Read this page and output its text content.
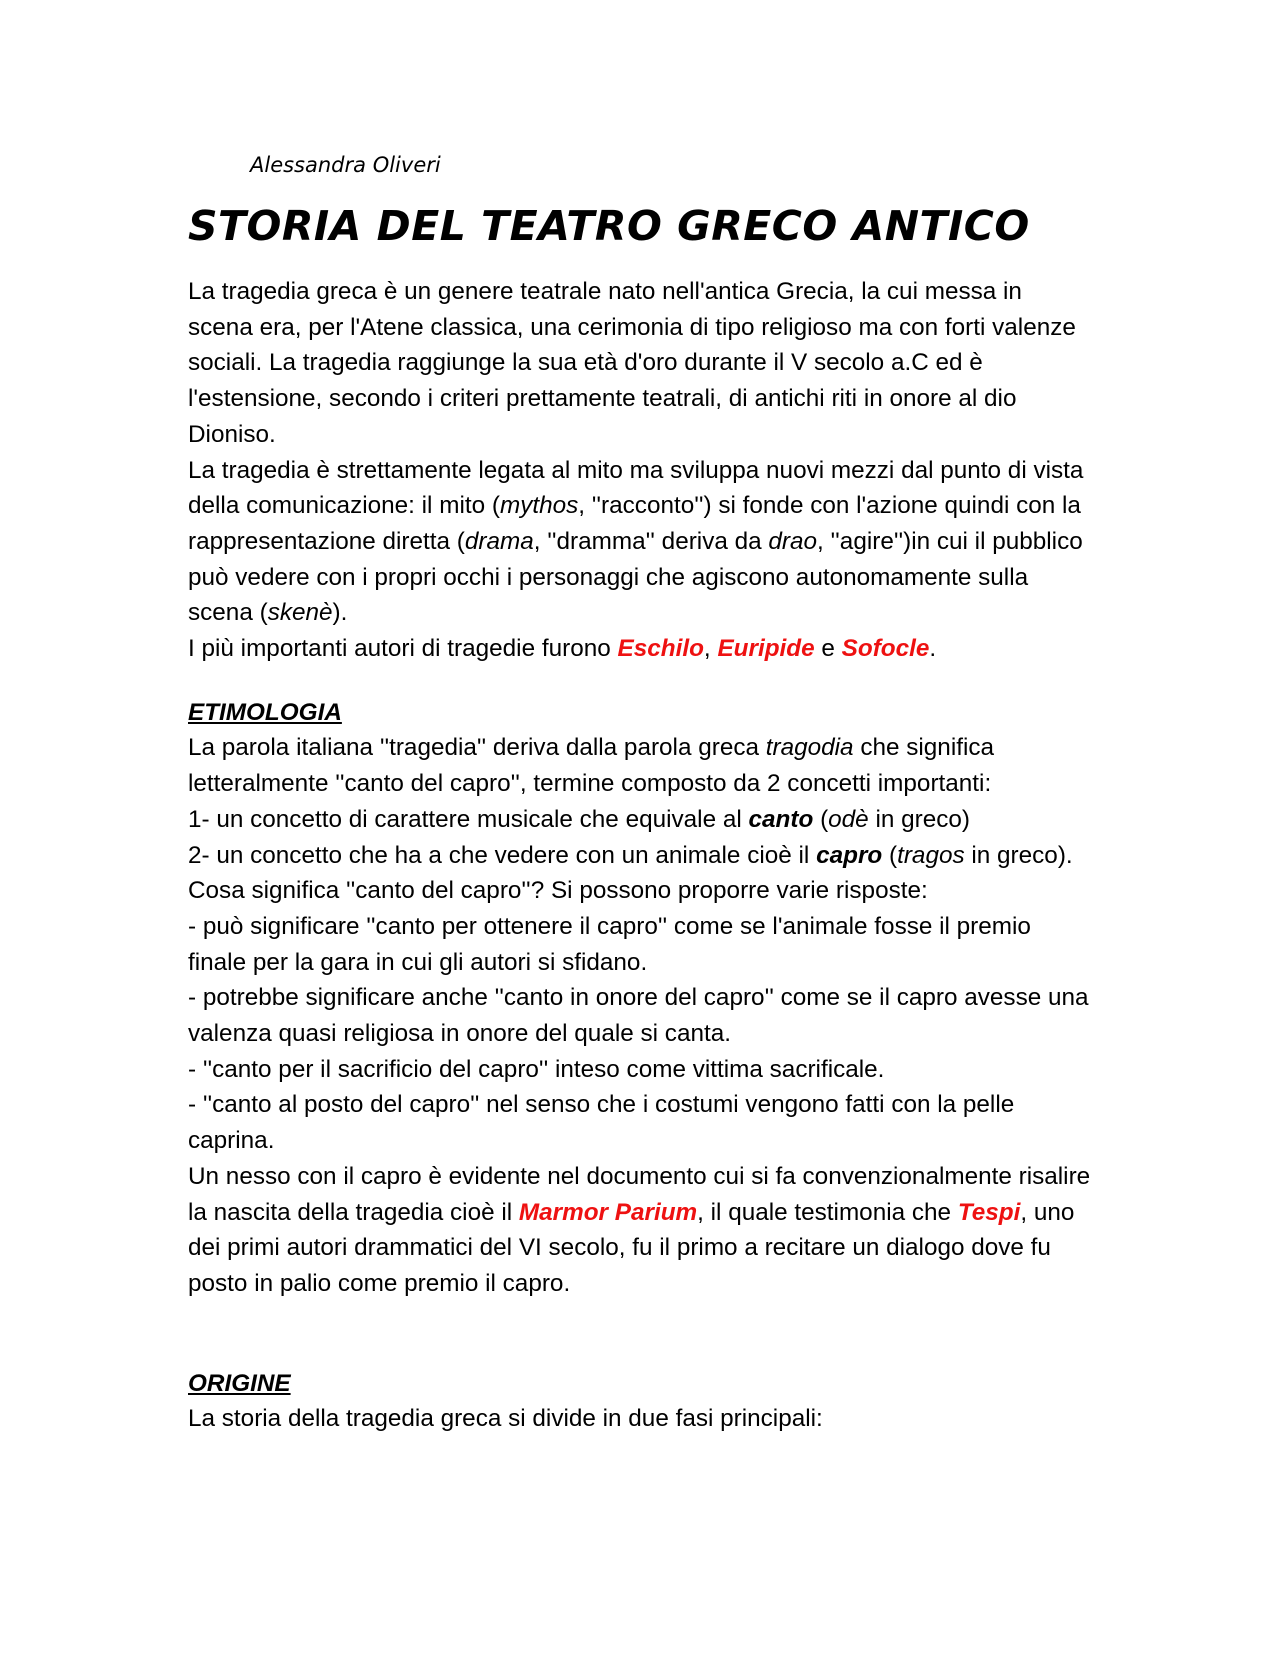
Alessandra Oliveri
STORIA DEL TEATRO GRECO ANTICO

La tragedia greca è un genere teatrale nato nell'antica Grecia, la cui messa in scena era, per l'Atene classica, una cerimonia di tipo religioso ma con forti valenze sociali. La tragedia raggiunge la sua età d'oro durante il V secolo a.C ed è l'estensione, secondo i criteri prettamente teatrali, di antichi riti in onore al dio Dioniso.

La tragedia è strettamente legata al mito ma sviluppa nuovi mezzi dal punto di vista della comunicazione: il mito (mythos, ''racconto'') si fonde con l'azione quindi con la rappresentazione diretta (drama, ''dramma'' deriva da drao, ''agire'')in cui il pubblico può vedere con i propri occhi i personaggi che agiscono autonomamente sulla scena (skenè).

I più importanti autori di tragedie furono Eschilo, Euripide e Sofocle.

ETIMOLOGIA

La parola italiana ''tragedia'' deriva dalla parola greca tragodia che significa letteralmente ''canto del capro'', termine composto da 2 concetti importanti:

1- un concetto di carattere musicale che equivale al canto (odè in greco)

2- un concetto che ha a che vedere con un animale cioè il capro (tragos in greco).

Cosa significa ''canto del capro''? Si possono proporre varie risposte:

- può significare ''canto per ottenere il capro'' come se l'animale fosse il premio finale per la gara in cui gli autori si sfidano.

- potrebbe significare anche ''canto in onore del capro'' come se il capro avesse una valenza quasi religiosa in onore del quale si canta.

- ''canto per il sacrificio del capro'' inteso come vittima sacrificale.

- ''canto al posto del capro'' nel senso che i costumi vengono fatti con la pelle caprina.

Un nesso con il capro è evidente nel documento cui si fa convenzionalmente risalire la nascita della tragedia cioè il Marmor Parium, il quale testimonia che Tespi, uno dei primi autori drammatici del VI secolo, fu il primo a recitare un dialogo dove fu posto in palio come premio il capro.

ORIGINE

La storia della tragedia greca si divide in due fasi principali:
